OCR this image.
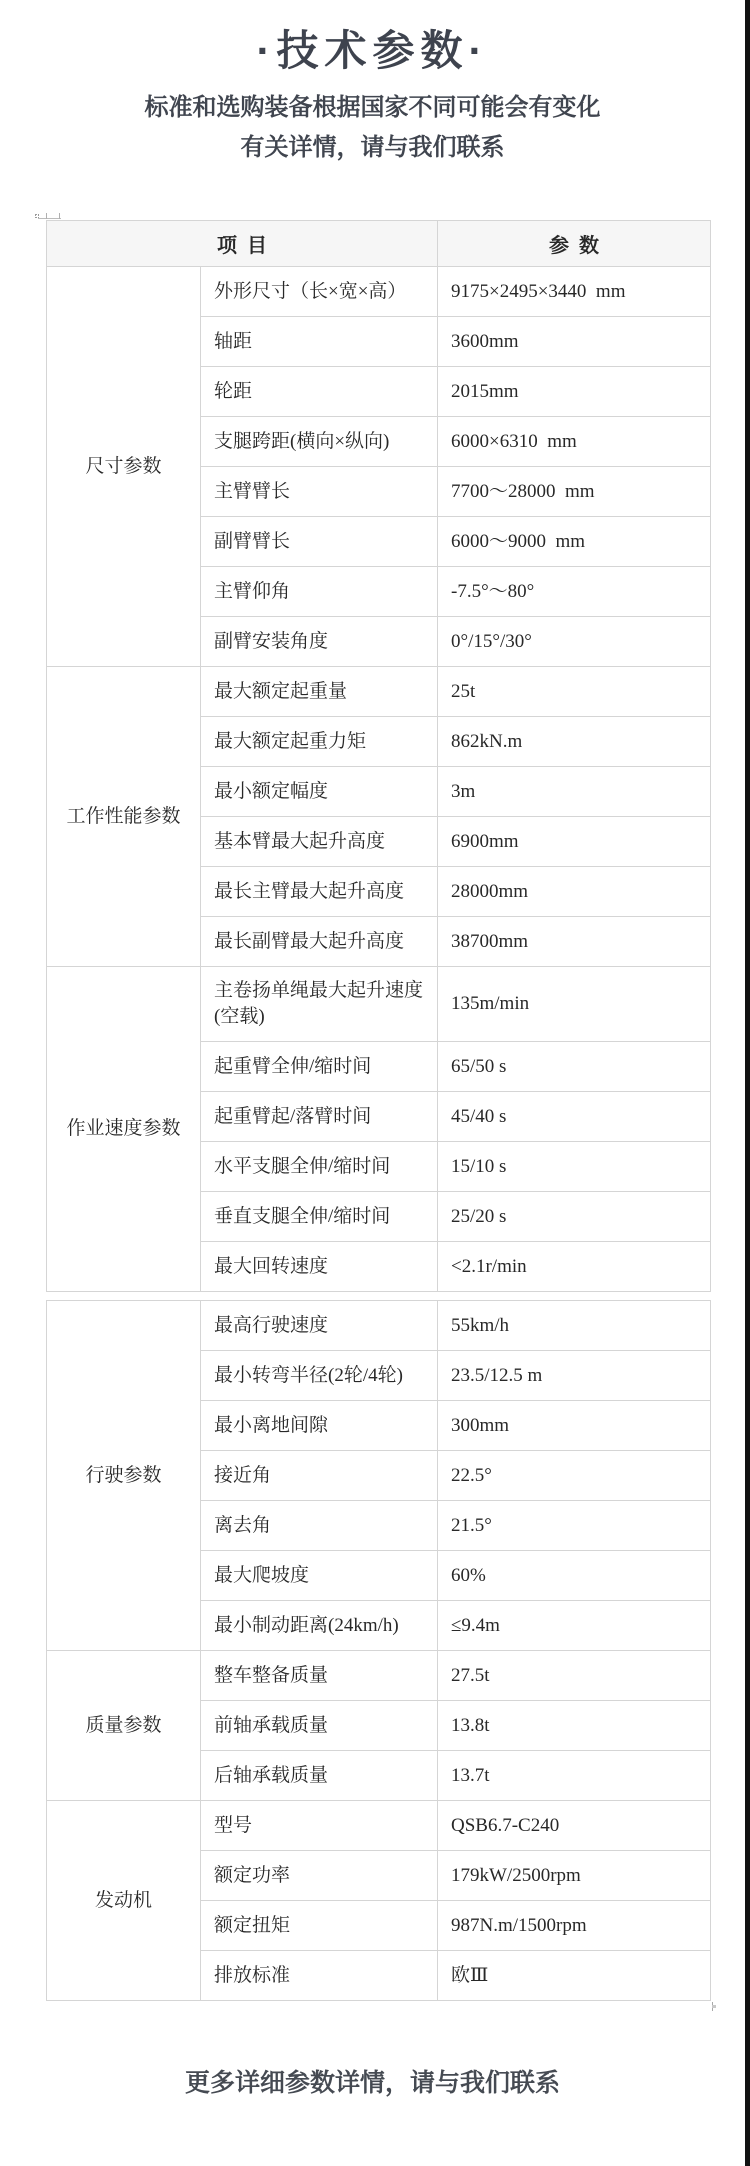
·技术参数·
标准和选购装备根据国家不同可能会有变化
有关详情，请与我们联系
项  目		参  数
尺寸参数	外形尺寸（长×宽×高）	9175×2495×3440  mm
	轴距	3600mm
	轮距	2015mm
	支腿跨距(横向×纵向)	6000×6310  mm
	主臂臂长	7700～28000  mm
	副臂臂长	6000～9000  mm
	主臂仰角	-7.5°～80°
	副臂安装角度	0°/15°/30°
工作性能参数	最大额定起重量	25t
	最大额定起重力矩	862kN.m
	最小额定幅度	3m
	基本臂最大起升高度	6900mm
	最长主臂最大起升高度	28000mm
	最长副臂最大起升高度	38700mm
作业速度参数	主卷扬单绳最大起升速度(空载)	135m/min
	起重臂全伸/缩时间	65/50 s
	起重臂起/落臂时间	45/40 s
	水平支腿全伸/缩时间	15/10 s
	垂直支腿全伸/缩时间	25/20 s
	最大回转速度	<2.1r/min
行驶参数	最高行驶速度	55km/h
	最小转弯半径(2轮/4轮)	23.5/12.5 m
	最小离地间隙	300mm
	接近角	22.5°
	离去角	21.5°
	最大爬坡度	60%
	最小制动距离(24km/h)	≤9.4m
质量参数	整车整备质量	27.5t
	前轴承载质量	13.8t
	后轴承载质量	13.7t
发动机	型号	QSB6.7-C240
	额定功率	179kW/2500rpm
	额定扭矩	987N.m/1500rpm
	排放标准	欧Ⅲ
更多详细参数详情，请与我们联系
